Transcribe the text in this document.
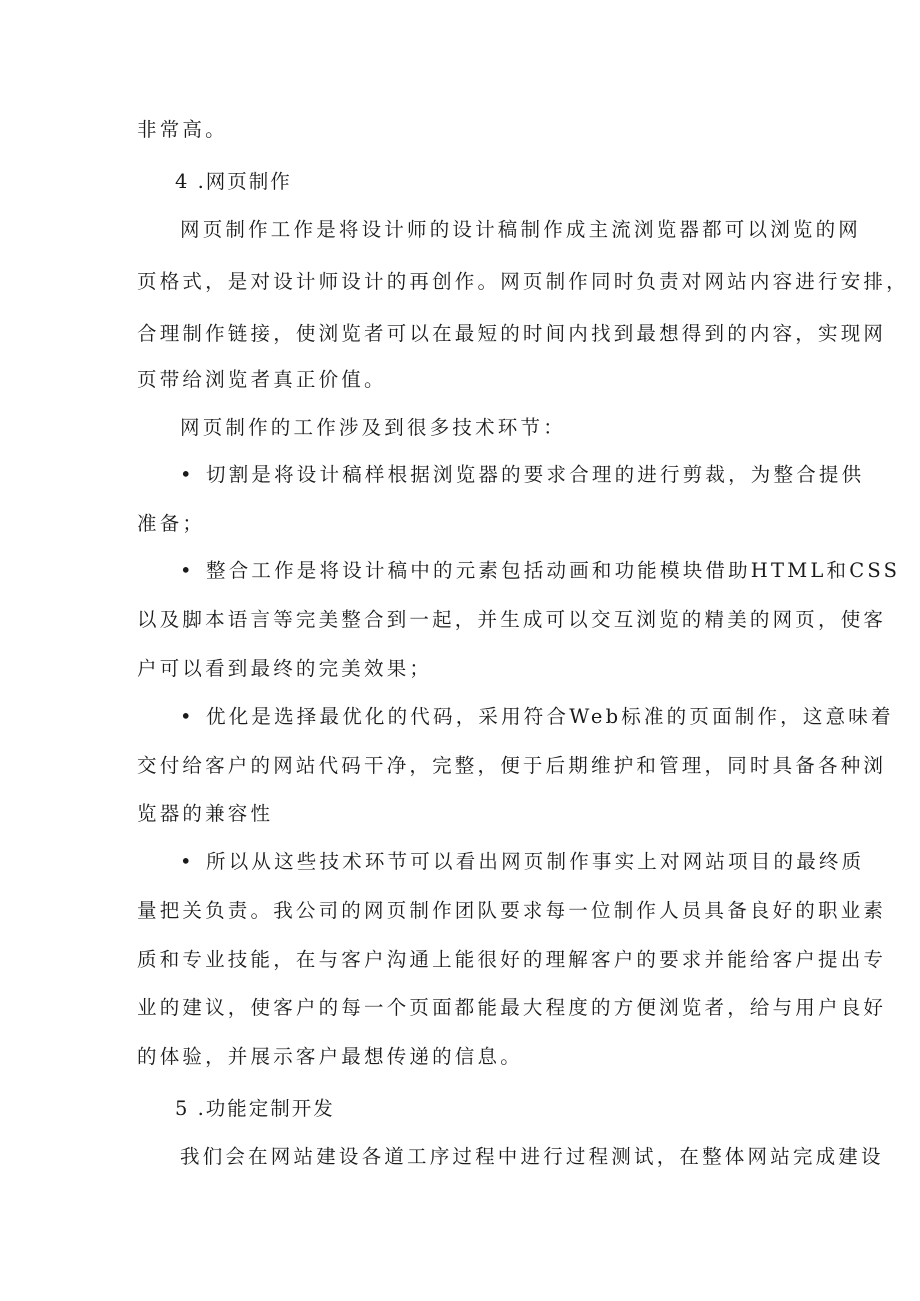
非常高。
4 .网页制作
网页制作工作是将设计师的设计稿制作成主流浏览器都可以浏览的网
页格式，是对设计师设计的再创作。网页制作同时负责对网站内容进行安排，
合理制作链接，使浏览者可以在最短的时间内找到最想得到的内容，实现网
页带给浏览者真正价值。
网页制作的工作涉及到很多技术环节：
• 切割是将设计稿样根据浏览器的要求合理的进行剪裁，为整合提供
准备；
• 整合工作是将设计稿中的元素包括动画和功能模块借助HTML和CSS
以及脚本语言等完美整合到一起，并生成可以交互浏览的精美的网页，使客
户可以看到最终的完美效果；
• 优化是选择最优化的代码，采用符合Web标准的页面制作，这意味着
交付给客户的网站代码干净，完整，便于后期维护和管理，同时具备各种浏
览器的兼容性
• 所以从这些技术环节可以看出网页制作事实上对网站项目的最终质
量把关负责。我公司的网页制作团队要求每一位制作人员具备良好的职业素
质和专业技能，在与客户沟通上能很好的理解客户的要求并能给客户提出专
业的建议，使客户的每一个页面都能最大程度的方便浏览者，给与用户良好
的体验，并展示客户最想传递的信息。
5 .功能定制开发
我们会在网站建设各道工序过程中进行过程测试，在整体网站完成建设
